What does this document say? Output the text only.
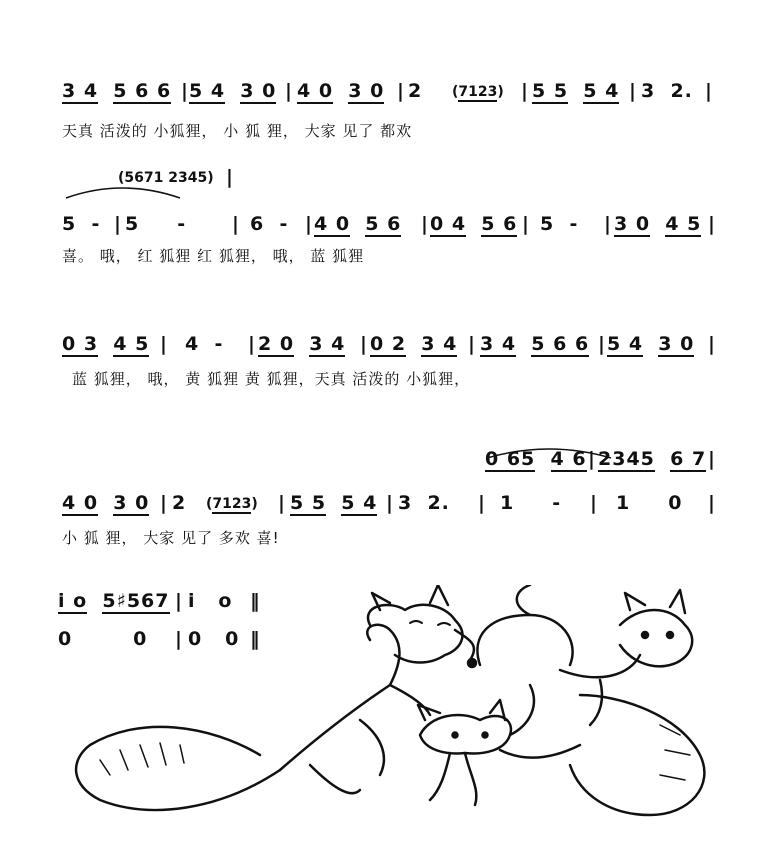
3 4 5 6 6 | 5 4 3 0 | 4 0 3 0 | 2 (7123) | 5 5 5 4 | 3  2. |
天真 活泼的 小狐狸， 小 狐 狸， 大家 见了 都欢
(5671 2345) |
5  - | 5     - | 6  - | 4 0 5 6 | 0 4 5 6 | 5  - | 3 0 4 5 |
喜。 哦， 红 狐狸 红 狐狸， 哦， 蓝 狐狸
0 3 4 5 | 4  - | 2 0 3 4 | 0 2 3 4 | 3 4 5 6 6 | 5 4 3 0 |
蓝 狐狸， 哦， 黄 狐狸 黄 狐狸，天真 活泼的 小狐狸，
0 65 4 6 | 2345 6 7 |
4 0 3 0 | 2 (7123) | 5 5 5 4 | 3  2. | 1     - | 1     0 |
小 狐 狸， 大家 见了 多欢 喜!
i o 5♯567 | i   o ‖
0        0 | 0   0 ‖
